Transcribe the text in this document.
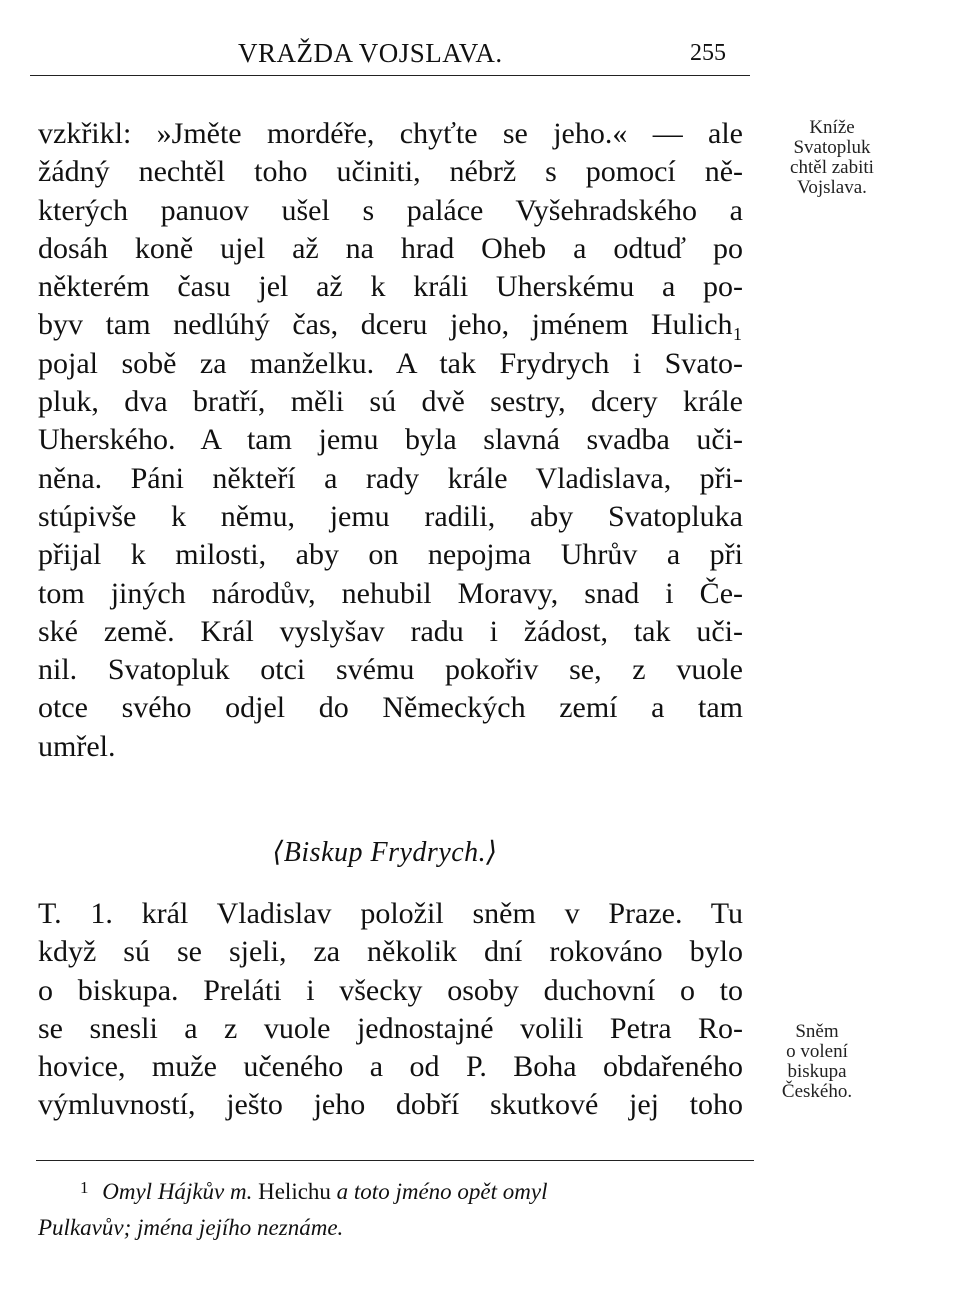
VRAŽDA VOJSLAVA.	255
vzkřikl: »Jměte mordéře, chyťte se jeho.« — ale
žádný nechtěl toho učiniti, nébrž s pomocí ně-
kterých panuov ušel s paláce Vyšehradského a
dosáh koně ujel až na hrad Oheb a odtuď po
některém času jel až k králi Uherskému a po-
byv tam nedlúhý čas, dceru jeho, jménem Hulich₁
pojal sobě za manželku. A tak Frydrych i Svato-
pluk, dva bratří, měli sú dvě sestry, dcery krále
Uherského. A tam jemu byla slavná svadba uči-
něna. Páni někteří a rady krále Vladislava, při-
stúpivše k němu, jemu radili, aby Svatopluka
přijal k milosti, aby on nepojma Uhrův a při
tom jiných národův, nehubil Moravy, snad i Če-
ské země. Král vyslyšav radu i žádost, tak uči-
nil. Svatopluk otci svému pokořiv se, z vuole
otce svého odjel do Německých zemí a tam
umřel.
⟨Biskup Frydrych.⟩
T. 1. král Vladislav položil sněm v Praze. Tu
když sú se sjeli, za několik dní rokováno bylo
o biskupa. Preláti i všecky osoby duchovní o to
se snesli a z vuole jednostajné volili Petra Ro-
hovice, muže učeného a od P. Boha obdařeného
výmluvností, ješto jeho dobří skutkové jej toho
Kníže
Svatopluk
chtěl zabiti
Vojslava.
Sněm
o volení
biskupa
Českého.
$^1$ Omyl Hájkův m. Helichu a toto jméno opět omyl
Pulkavův; jména jejího neznáme.
